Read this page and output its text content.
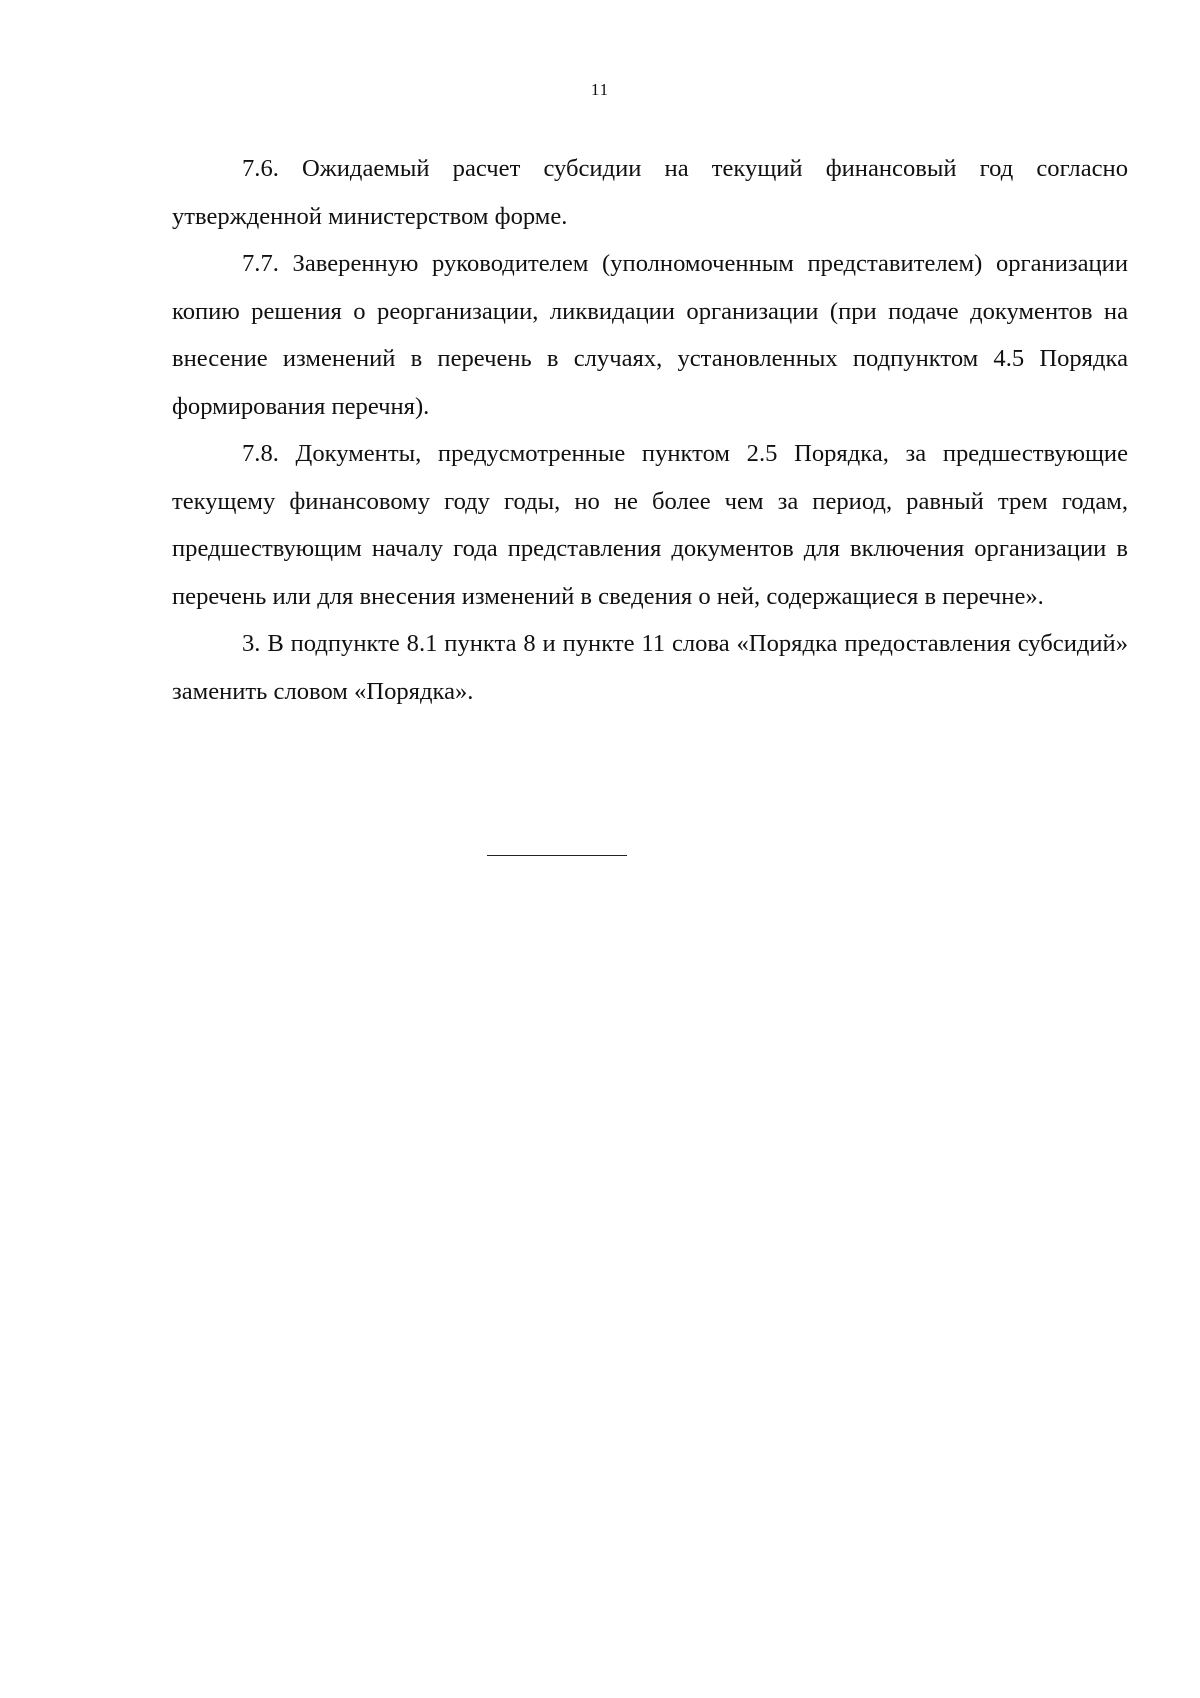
11

7.6. Ожидаемый расчет субсидии на текущий финансовый год согласно утвержденной министерством форме.

7.7. Заверенную руководителем (уполномоченным представителем) организации копию решения о реорганизации, ликвидации организации (при подаче документов на внесение изменений в перечень в случаях, установленных подпунктом 4.5 Порядка формирования перечня).

7.8. Документы, предусмотренные пунктом 2.5 Порядка, за предшествующие текущему финансовому году годы, но не более чем за период, равный трем годам, предшествующим началу года представления документов для включения организации в перечень или для внесения изменений в сведения о ней, содержащиеся в перечне».

3. В подпункте 8.1 пункта 8 и пункте 11 слова «Порядка предоставления субсидий» заменить словом «Порядка».
